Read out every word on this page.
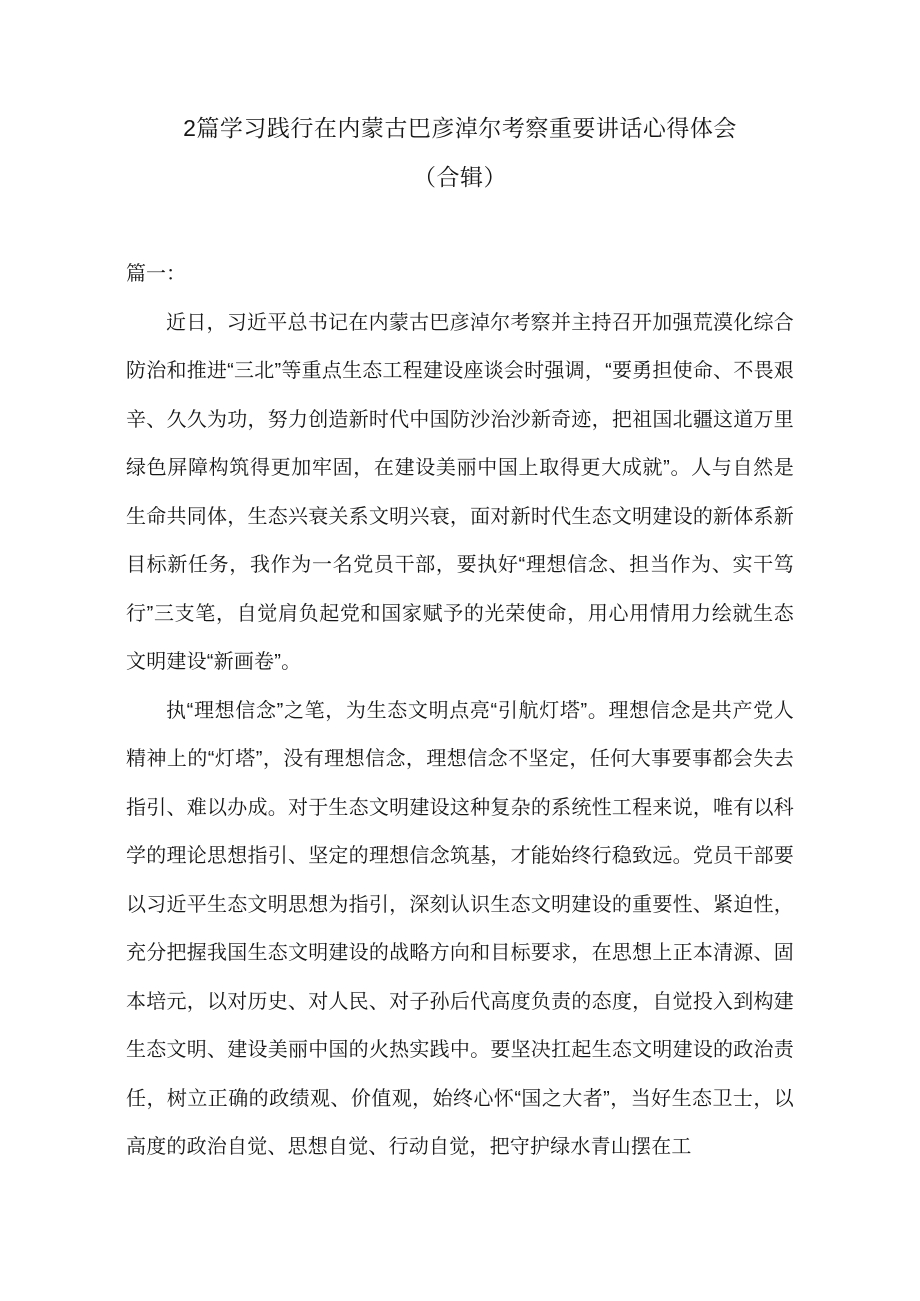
2篇学习践行在内蒙古巴彦淖尔考察重要讲话心得体会
（合辑）
篇一：

近日，习近平总书记在内蒙古巴彦淖尔考察并主持召开加强荒漠化综合防治和推进“三北”等重点生态工程建设座谈会时强调，“要勇担使命、不畏艰辛、久久为功，努力创造新时代中国防沙治沙新奇迹，把祖国北疆这道万里绿色屏障构筑得更加牢固，在建设美丽中国上取得更大成就”。人与自然是生命共同体，生态兴衰关系文明兴衰，面对新时代生态文明建设的新体系新目标新任务，我作为一名党员干部，要执好“理想信念、担当作为、实干笃行”三支笔，自觉肩负起党和国家赋予的光荣使命，用心用情用力绘就生态文明建设“新画卷”。

执“理想信念”之笔，为生态文明点亮“引航灯塔”。理想信念是共产党人精神上的“灯塔”，没有理想信念，理想信念不坚定，任何大事要事都会失去指引、难以办成。对于生态文明建设这种复杂的系统性工程来说，唯有以科学的理论思想指引、坚定的理想信念筑基，才能始终行稳致远。党员干部要以习近平生态文明思想为指引，深刻认识生态文明建设的重要性、紧迫性，充分把握我国生态文明建设的战略方向和目标要求，在思想上正本清源、固本培元，以对历史、对人民、对子孙后代高度负责的态度，自觉投入到构建生态文明、建设美丽中国的火热实践中。要坚决扛起生态文明建设的政治责任，树立正确的政绩观、价值观，始终心怀“国之大者”，当好生态卫士，以高度的政治自觉、思想自觉、行动自觉，把守护绿水青山摆在工
